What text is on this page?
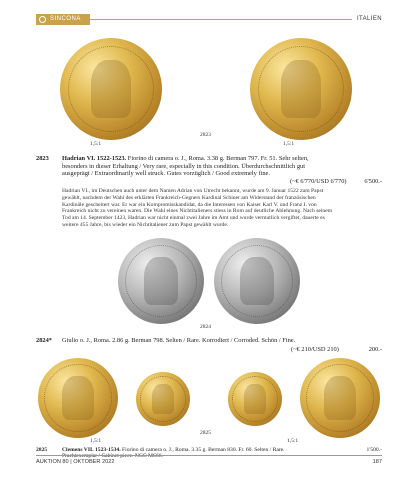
SINCONA	ITALIEN
2823
1,5:1	1,5:1
2823 Hadrian VI. 1522-1523. Fiorino di camera o. J., Roma. 3.38 g. Berman 797. Fr. 51. Sehr selten, besonders in dieser Erhaltung / Very rare, especially in this condition. Überdurchschnittlich gut ausgeprägt / Extraordinarily well struck. Gutes vorzüglich / Good extremely fine.
(~€ 6'770/USD 6'770)	6'500.-
Hadrian VI., im Deutschen auch unter dem Namen Adrian von Utrecht bekannt, wurde am 9. Januar 1522 zum Papst gewählt, nachdem der Wahl des erklärten Frankreich-Gegners Kardinal Schiner am Widerstand der französischen Kardinäle gescheitert war. Er war ein Kompromisskandidat, da die Interessen von Kaiser Karl V. und Franz I. von Frankreich nicht zu vereinen waren. Die Wahl eines Nichtitalieners stiess in Rom auf deutliche Ablehnung. Nach seinem Tod am 14. September 1423, Hadrian war nicht einmal zwei Jahre im Amt und wurde vermutlich vergiftet, dauerte es weitere 455 Jahre, bis wieder ein Nichtitaliener zum Papst gewählt wurde.
2824
2824* Giulio o. J., Roma. 2.86 g. Berman 798. Selten / Rare. Korrodiert / Corroded. Schön / Fine.
(~€ 210/USD 210)	200.-
2825
1,5:1	1,5:1
2825	Clemens VII. 1523-1534. Fiorino di camera o. J., Roma. 3.35 g. Berman 830. Fr. 60. Selten / Rare. Prachtexemplar / Cabinet piece. NGC MS66.
1'500.-
AUKTION 80 | OKTOBER 2022	187
